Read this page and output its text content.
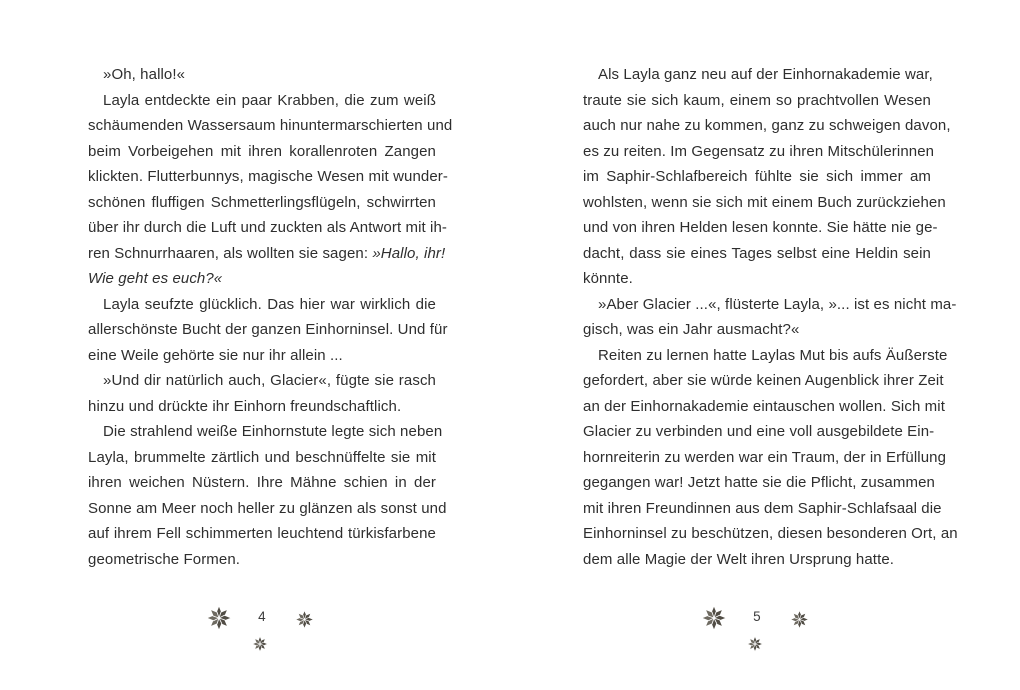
»Oh, hallo!«
Layla entdeckte ein paar Krabben, die zum weiß
schäumenden Wassersaum hinuntermarschierten und
beim Vorbeigehen mit ihren korallenroten Zangen
klickten. Flutterbunnys, magische Wesen mit wunder-
schönen fluffigen Schmetterlingsflügeln, schwirrten
über ihr durch die Luft und zuckten als Antwort mit ih-
ren Schnurrhaaren, als wollten sie sagen: »Hallo, ihr!
Wie geht es euch?«
Layla seufzte glücklich. Das hier war wirklich die
allerschönste Bucht der ganzen Einhorninsel. Und für
eine Weile gehörte sie nur ihr allein ...
»Und dir natürlich auch, Glacier«, fügte sie rasch
hinzu und drückte ihr Einhorn freundschaftlich.
Die strahlend weiße Einhornstute legte sich neben
Layla, brummelte zärtlich und beschnüffelte sie mit
ihren weichen Nüstern. Ihre Mähne schien in der
Sonne am Meer noch heller zu glänzen als sonst und
auf ihrem Fell schimmerten leuchtend türkisfarbene
geometrische Formen.
4
Als Layla ganz neu auf der Einhornakademie war,
traute sie sich kaum, einem so prachtvollen Wesen
auch nur nahe zu kommen, ganz zu schweigen davon,
es zu reiten. Im Gegensatz zu ihren Mitschülerinnen
im Saphir-Schlafbereich fühlte sie sich immer am
wohlsten, wenn sie sich mit einem Buch zurückziehen
und von ihren Helden lesen konnte. Sie hätte nie ge-
dacht, dass sie eines Tages selbst eine Heldin sein
könnte.
»Aber Glacier ...«, flüsterte Layla, »... ist es nicht ma-
gisch, was ein Jahr ausmacht?«
Reiten zu lernen hatte Laylas Mut bis aufs Äußerste
gefordert, aber sie würde keinen Augenblick ihrer Zeit
an der Einhornakademie eintauschen wollen. Sich mit
Glacier zu verbinden und eine voll ausgebildete Ein-
hornreiterin zu werden war ein Traum, der in Erfüllung
gegangen war! Jetzt hatte sie die Pflicht, zusammen
mit ihren Freundinnen aus dem Saphir-Schlafsaal die
Einhorninsel zu beschützen, diesen besonderen Ort, an
dem alle Magie der Welt ihren Ursprung hatte.
5
